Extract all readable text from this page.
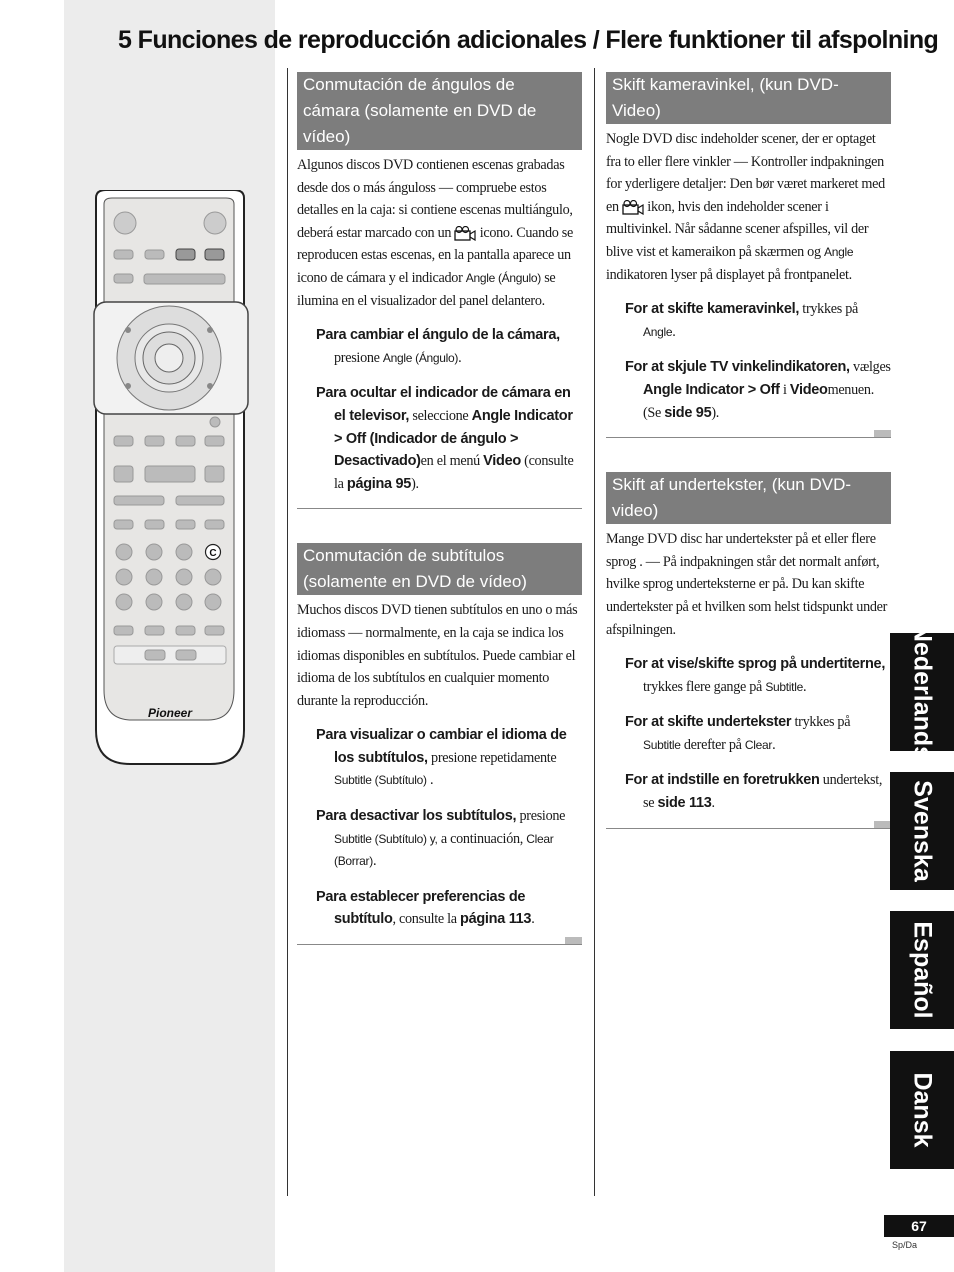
5 Funciones de reproducción adicionales / Flere funktioner til afspolning
C
Pioneer
Conmutación de ángulos de cámara (solamente en DVD de vídeo)

Algunos discos DVD contienen escenas grabadas desde dos o más ánguloss — compruebe estos detalles en la caja: si contiene escenas multiángulo, deberá estar marcado con un icono. Cuando se reproducen estas escenas, en la pantalla aparece un icono de cámara y el indicador Angle (Ángulo) se ilumina en el visualizador del panel delantero.

Para cambiar el ángulo de la cámara, presione Angle (Ángulo).

Para ocultar el indicador de cámara en el televisor, seleccione Angle Indicator > Off (Indicador de ángulo > Desactivado)en el menú Video (consulte la página 95).

Conmutación de subtítulos (solamente en DVD de vídeo)

Muchos discos DVD tienen subtítulos en uno o más idiomass — normalmente, en la caja se indica los idiomas disponibles en subtítulos. Puede cambiar el idioma de los subtítulos en cualquier momento durante la reproducción.

Para visualizar o cambiar el idioma de los subtítulos, presione repetidamente Subtitle (Subtítulo) .

Para desactivar los subtítulos, presione Subtitle (Subtítulo) y, a continuación, Clear (Borrar).

Para establecer preferencias de subtítulo, consulte la página 113.

Skift kameravinkel, (kun DVD-Video)

Nogle DVD disc indeholder scener, der er optaget fra to eller flere vinkler — Kontroller indpakningen for yderligere detaljer: Den bør været markeret med en ikon, hvis den indeholder scener i multivinkel. Når sådanne scener afspilles, vil der blive vist et kameraikon på skærmen og Angle indikatoren lyser på displayet på frontpanelet.

For at skifte kameravinkel, trykkes på Angle.

For at skjule TV vinkelindikatoren, vælges Angle Indicator > Off i Videomenuen. (Se side 95).

Skift af undertekster, (kun DVD-video)

Mange DVD disc har undertekster på et eller flere sprog . — På indpakningen står det normalt anført, hvilke sprog underteksterne er på. Du kan skifte undertekster på et hvilken som helst tidspunkt under afspilningen.

For at vise/skifte sprog på undertiterne, trykkes flere gange på Subtitle.

For at skifte undertekster trykkes på Subtitle derefter på Clear.

For at indstille en foretrukken undertekst, se side 113.

Nederlands
Svenska
Español
Dansk
67
Sp/Da
